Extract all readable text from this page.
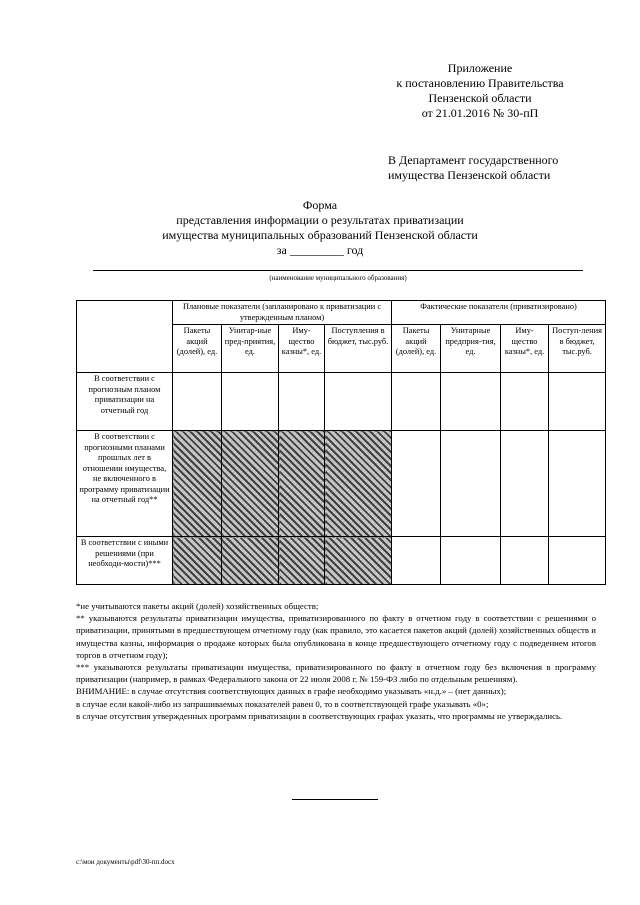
Приложение
к постановлению Правительства
Пензенской области
от 21.01.2016 № 30-пП
В Департамент государственного
имущества Пензенской области
Форма
представления информации о результатах приватизации
имущества муниципальных образований Пензенской области
за _________ год
(наименование муниципального образования)
	Плановые показатели (запланировано к приватизации с утвержденным планом)				Фактические показатели (приватизировано)			
	Пакеты акций (долей), ед.	Унитар-ные пред-приятия, ед.	Иму-щество казны*, ед.	Поступления в бюджет, тыс.руб.	Пакеты акций (долей), ед.	Унитарные предприя-тия, ед.	Иму-щество казны*, ед.	Поступ-ления в бюджет, тыс.руб.
В соответствии с прогнозным планом приватизации на отчетный год								
В соответствии с прогнозными планами прошлых лет в отношении имущества, не включенного в программу приватизации на отчетный год**								
В соответствии с иными решениями (при необходи-мости)***								

*не учитываются пакеты акций (долей) хозяйственных обществ;

** указываются результаты приватизации имущества, приватизированного по факту в отчетном году в соответствии с решениями о приватизации, принятыми в предшествующем отчетному году (как правило, это касается пакетов акций (долей) хозяйственных обществ и имущества казны, информация о продаже которых была опубликована в конце предшествующего отчетному году с подведением итогов торгов в отчетном году);

*** указываются результаты приватизации имущества, приватизированного по факту в отчетном году без включения в программу приватизации (например, в рамках Федерального закона от 22 июля 2008 г. № 159-ФЗ либо по отдельным решениям).

ВНИМАНИЕ: в случае отсутствия соответствующих данных в графе необходимо указывать «н.д.» – (нет данных);

в случае если какой-либо из запрашиваемых показателей равен 0, то в соответствующей графе указывать «0»;

в случае отсутствия утвержденных программ приватизации в соответствующих графах указать, что программы не утверждались.

c:\мои документы\pdf\30-пп.docx
